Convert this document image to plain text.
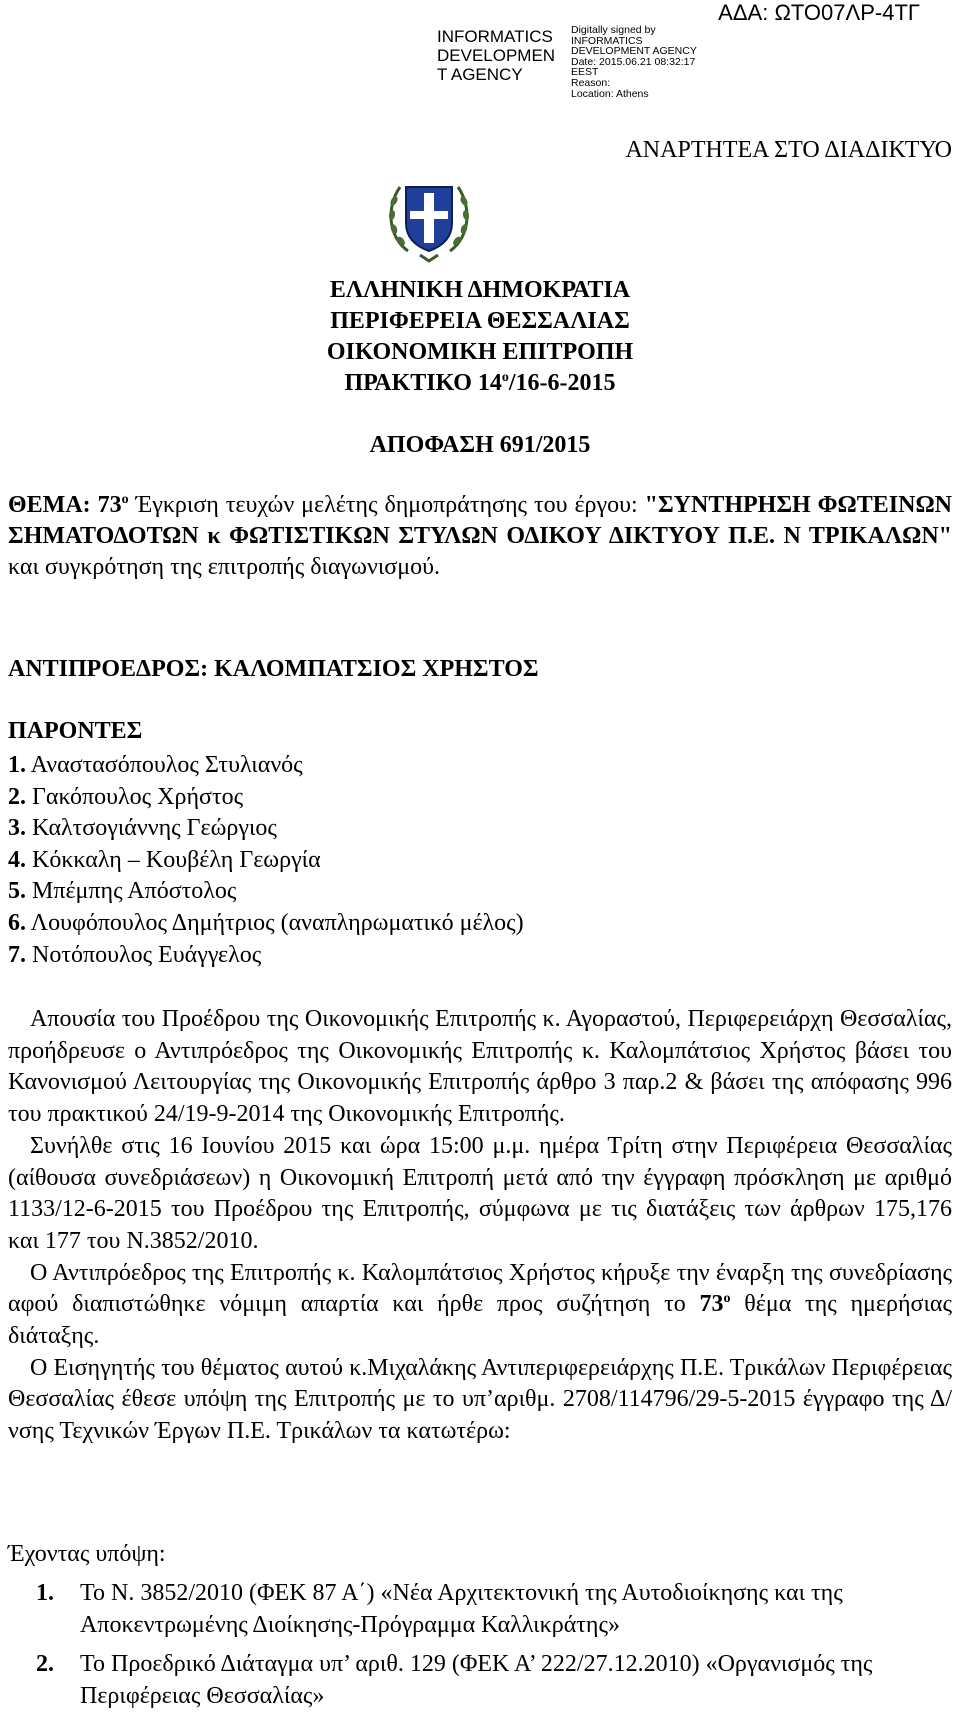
INFORMATICS DEVELOPMEN T AGENCY
Digitally signed by
INFORMATICS
DEVELOPMENT AGENCY
Date: 2015.06.21 08:32:17
EEST
Reason:
Location: Athens
ΑΔΑ: ΩΤΟ07ΛΡ-4ΤΓ
ΑΝΑΡΤΗΤΕΑ ΣΤΟ ΔΙΑΔΙΚΤΥΟ
ΕΛΛΗΝΙΚΗ ΔΗΜΟΚΡΑΤΙΑ
ΠΕΡΙΦΕΡΕΙΑ ΘΕΣΣΑΛΙΑΣ
ΟΙΚΟΝΟΜΙΚΗ ΕΠΙΤΡΟΠΗ
ΠΡΑΚΤΙΚΟ $14^o/16-6-2015$
ΑΠΟΦΑΣΗ 691/2015
ΘΕΜΑ: $73^o$ Έγκριση τευχών μελέτης δημοπράτησης του έργου: "ΣΥΝΤΗΡΗΣΗ ΦΩΤΕΙΝΩΝ ΣΗΜΑΤΟΔΟΤΩΝ κ ΦΩΤΙΣΤΙΚΩΝ ΣΤΥΛΩΝ ΟΔΙΚΟΥ ΔΙΚΤΥΟΥ Π.Ε. Ν ΤΡΙΚΑΛΩΝ" και συγκρότηση της επιτροπής διαγωνισμού.
ΑΝΤΙΠΡΟΕΔΡΟΣ: ΚΑΛΟΜΠΑΤΣΙΟΣ ΧΡΗΣΤΟΣ
ΠΑΡΟΝΤΕΣ
1. Αναστασόπουλος Στυλιανός
2. Γακόπουλος Χρήστος
3. Καλτσογιάννης Γεώργιος
4. Κόκκαλη – Κουβέλη Γεωργία
5. Μπέμπης Απόστολος
6. Λουφόπουλος Δημήτριος (αναπληρωματικό μέλος)
7. Νοτόπουλος Ευάγγελος

Απουσία του Προέδρου της Οικονομικής Επιτροπής κ. Αγοραστού, Περιφερειάρχη Θεσσαλίας, προήδρευσε ο Αντιπρόεδρος της Οικονομικής Επιτροπής κ. Καλομπάτσιος Χρήστος βάσει του Κανονισμού Λειτουργίας της Οικονομικής Επιτροπής άρθρο 3 παρ.2 & βάσει της απόφασης 996 του πρακτικού 24/19-9-2014 της Οικονομικής Επιτροπής.

Συνήλθε στις 16 Ιουνίου 2015 και ώρα 15:00 μ.μ. ημέρα Τρίτη στην Περιφέρεια Θεσσαλίας (αίθουσα συνεδριάσεων) η Οικονομική Επιτροπή μετά από την έγγραφη πρόσκληση με αριθμό 1133/12-6-2015 του Προέδρου της Επιτροπής, σύμφωνα με τις διατάξεις των άρθρων 175,176 και 177 του Ν.3852/2010.

Ο Αντιπρόεδρος της Επιτροπής κ. Καλομπάτσιος Χρήστος κήρυξε την έναρξη της συνεδρίασης αφού διαπιστώθηκε νόμιμη απαρτία και ήρθε προς συζήτηση το $73^o$ θέμα της ημερήσιας διάταξης.

Ο Εισηγητής του θέματος αυτού κ.Μιχαλάκης Αντιπεριφερειάρχης Π.Ε. Τρικάλων Περιφέρειας Θεσσαλίας έθεσε υπόψη της Επιτροπής με το υπ’αριθμ. 2708/114796/29-5-2015 έγγραφο της Δ/νσης Τεχνικών Έργων Π.Ε. Τρικάλων τα κατωτέρω:

Έχοντας υπόψη:
1. Το Ν. 3852/2010 (ΦΕΚ 87 Α΄) «Νέα Αρχιτεκτονική της Αυτοδιοίκησης και της Αποκεντρωμένης Διοίκησης-Πρόγραμμα Καλλικράτης»
2. Το Προεδρικό Διάταγμα υπ’ αριθ. 129 (ΦΕΚ Α’ 222/27.12.2010) «Οργανισμός της Περιφέρειας Θεσσαλίας»
